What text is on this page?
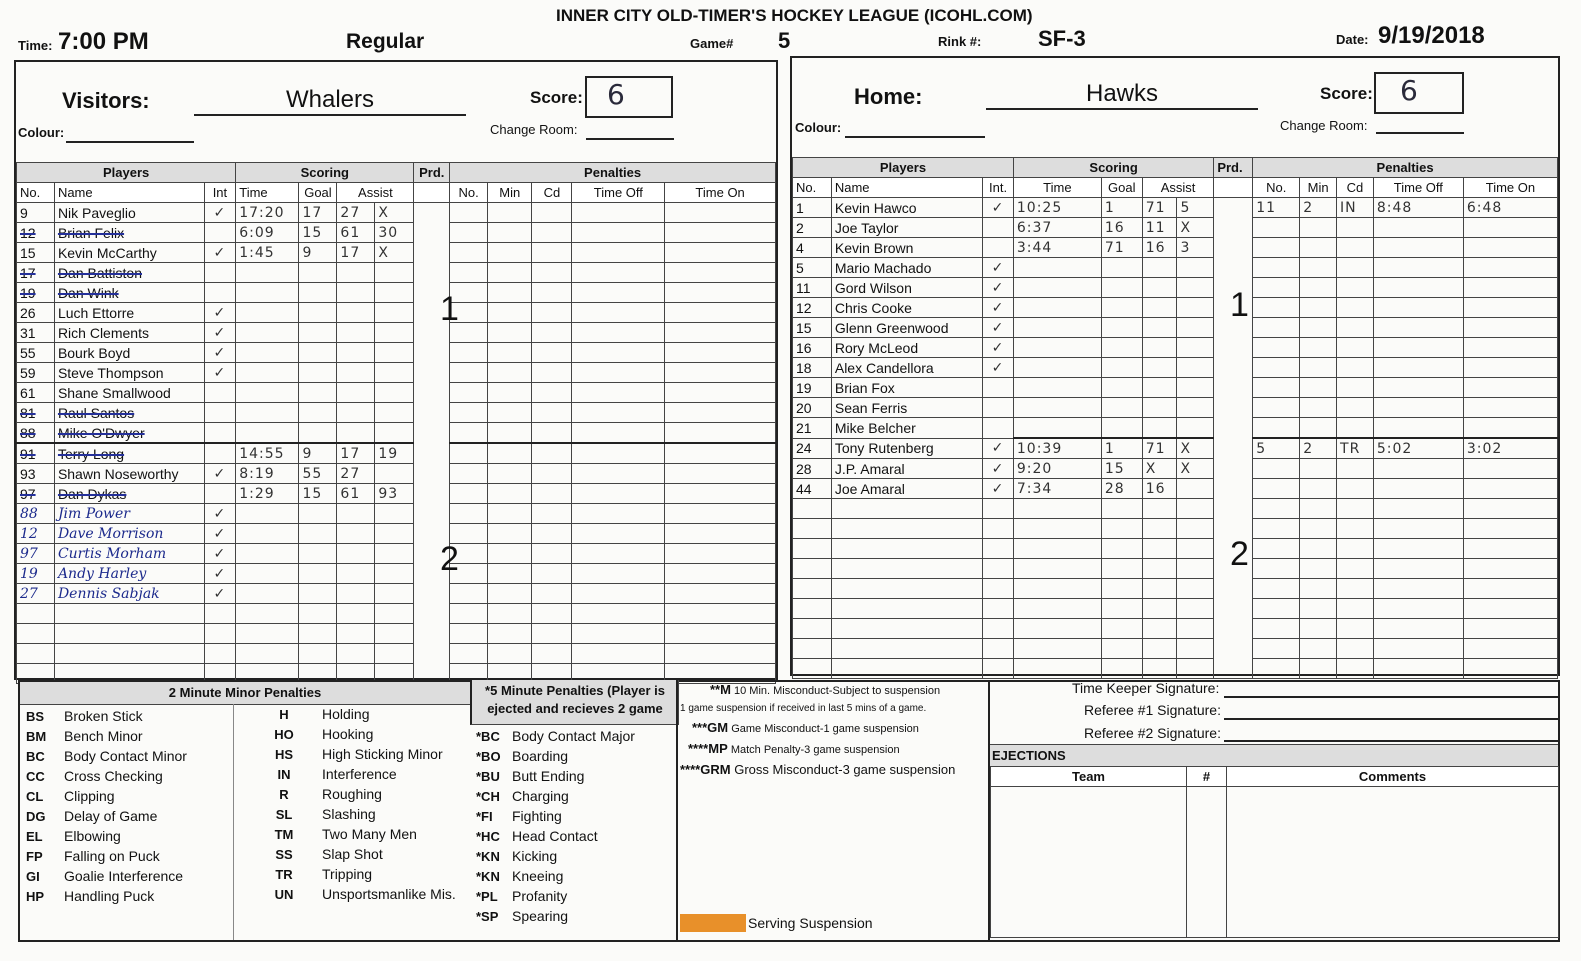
INNER CITY OLD-TIMER'S HOCKEY LEAGUE (ICOHL.COM)
Time: 7:00 PM	Regular	Game# 5	Rink #:	SF-3	Date: 9/19/2018
Visitors:	Whalers	Score: 6
Colour:	Change Room:
Players			Scoring				Prd.	Penalties				
No.	Name	Int	Time	Goal	Assist			No.	Min	Cd	Time Off	Time On
9	Nik Paveglio	✓	17:20	17	27	X						
12	Brian Felix		6:09	15	61	30						
15	Kevin McCarthy	✓	1:45	9	17	X						
17	Dan Battiston											
19	Dan Wink											
26	Luch Ettorre	✓										
31	Rich Clements	✓										
55	Bourk Boyd	✓										
59	Steve Thompson	✓										
61	Shane Smallwood											
81	Raul Santos											
88	Mike O'Dwyer											
91	Terry Long		14:55	9	17	19						
93	Shawn Noseworthy	✓	8:19	55	27							
97	Dan Dykas		1:29	15	61	93						
88	Jim Power	✓										
12	Dave Morrison	✓										
97	Curtis Morham	✓										
19	Andy Harley	✓										
27	Dennis Sabjak	✓										

1
2
Home:	Hawks	Score: 6
Colour:	Change Room:
Players			Scoring				Prd.	Penalties				
No.	Name	Int.	Time	Goal	Assist			No.	Min	Cd	Time Off	Time On
1	Kevin Hawco	✓	10:25	1	71	5		11	2	IN	8:48	6:48
2	Joe Taylor		6:37	16	11	X						
4	Kevin Brown		3:44	71	16	3						
5	Mario Machado	✓										
11	Gord Wilson	✓										
12	Chris Cooke	✓										
15	Glenn Greenwood	✓										
16	Rory McLeod	✓										
18	Alex Candellora	✓										
19	Brian Fox											
20	Sean Ferris											
21	Mike Belcher											
24	Tony Rutenberg	✓	10:39	1	71	X		5	2	TR	5:02	3:02
28	J.P. Amaral	✓	9:20	15	X	X						
44	Joe Amaral	✓	7:34	28	16							

1
2
2 Minute Minor Penalties
BS	Broken Stick
BM	Bench Minor
BC	Body Contact Minor
CC	Cross Checking
CL	Clipping
DG	Delay of Game
EL	Elbowing
FP	Falling on Puck
GI	Goalie Interference
HP	Handling Puck
H	Holding
HO	Hooking
HS	High Sticking Minor
IN	Interference
R	Roughing
SL	Slashing
TM	Two Many Men
SS	Slap Shot
TR	Tripping
UN	Unsportsmanlike Mis.
*5 Minute Penalties (Player is
ejected and recieves 2 game
*BC	Body Contact Major
*BO	Boarding
*BU	Butt Ending
*CH	Charging
*FI	Fighting
*HC	Head Contact
*KN	Kicking
*KN	Kneeing
*PL	Profanity
*SP	Spearing
**M 10 Min. Misconduct-Subject to suspension
1 game suspension if received in last 5 mins of a game.
***GM Game Misconduct-1 game suspension
****MP Match Penalty-3 game suspension
****GRM Gross Misconduct-3 game suspension
Serving Suspension
Time Keeper Signature:
Referee #1 Signature:
Referee #2 Signature:
EJECTIONS
Team	#	Comments
